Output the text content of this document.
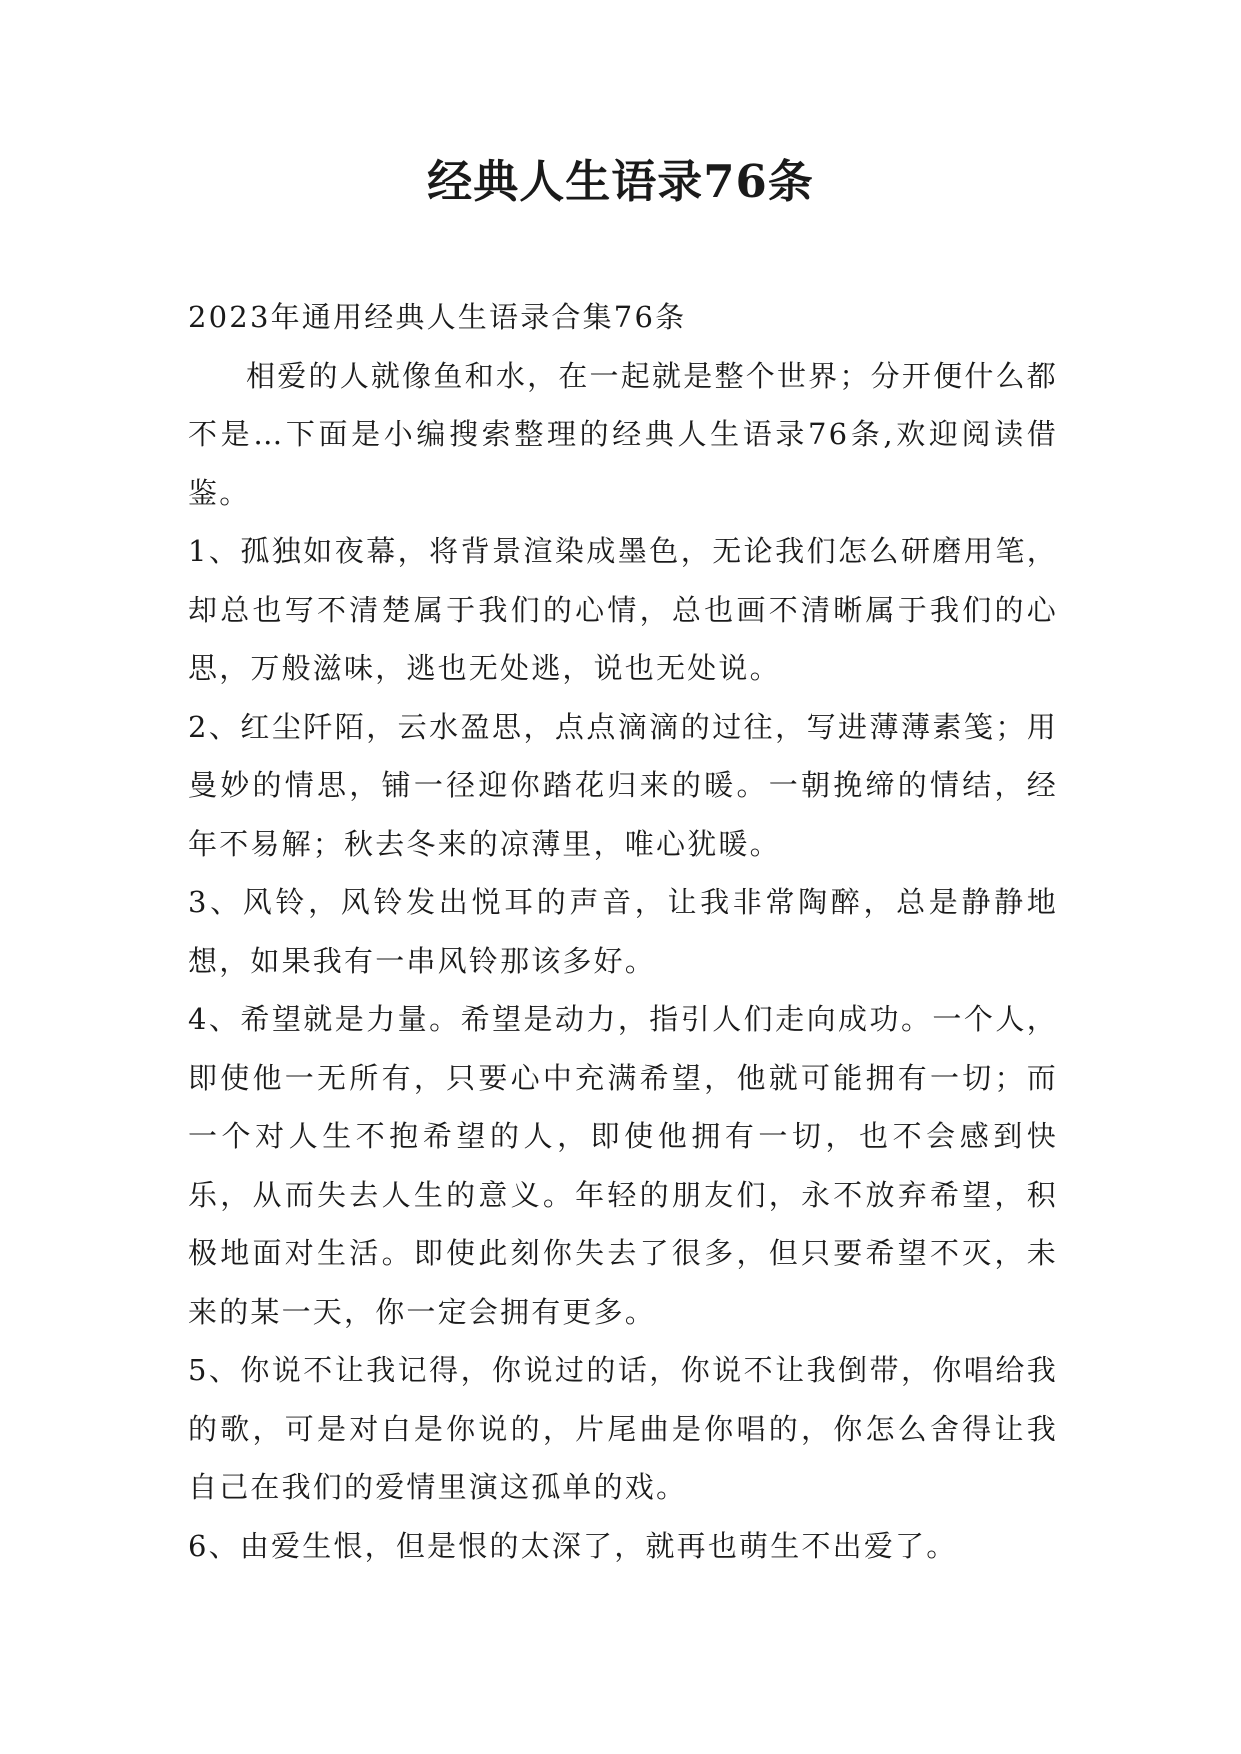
经典人生语录76条

2023年通用经典人生语录合集76条

相爱的人就像鱼和水，在一起就是整个世界；分开便什么都不是…下面是小编搜索整理的经典人生语录76条,欢迎阅读借鉴。

1、孤独如夜幕，将背景渲染成墨色，无论我们怎么研磨用笔，却总也写不清楚属于我们的心情，总也画不清晰属于我们的心思，万般滋味，逃也无处逃，说也无处说。

2、红尘阡陌，云水盈思，点点滴滴的过往，写进薄薄素笺；用曼妙的情思，铺一径迎你踏花归来的暖。一朝挽缔的情结，经年不易解；秋去冬来的凉薄里，唯心犹暖。

3、风铃，风铃发出悦耳的声音，让我非常陶醉，总是静静地想，如果我有一串风铃那该多好。

4、希望就是力量。希望是动力，指引人们走向成功。一个人，即使他一无所有，只要心中充满希望，他就可能拥有一切；而一个对人生不抱希望的人，即使他拥有一切，也不会感到快乐，从而失去人生的意义。年轻的朋友们，永不放弃希望，积极地面对生活。即使此刻你失去了很多，但只要希望不灭，未来的某一天，你一定会拥有更多。

5、你说不让我记得，你说过的话，你说不让我倒带，你唱给我的歌，可是对白是你说的，片尾曲是你唱的，你怎么舍得让我自己在我们的爱情里演这孤单的戏。

6、由爱生恨，但是恨的太深了，就再也萌生不出爱了。
